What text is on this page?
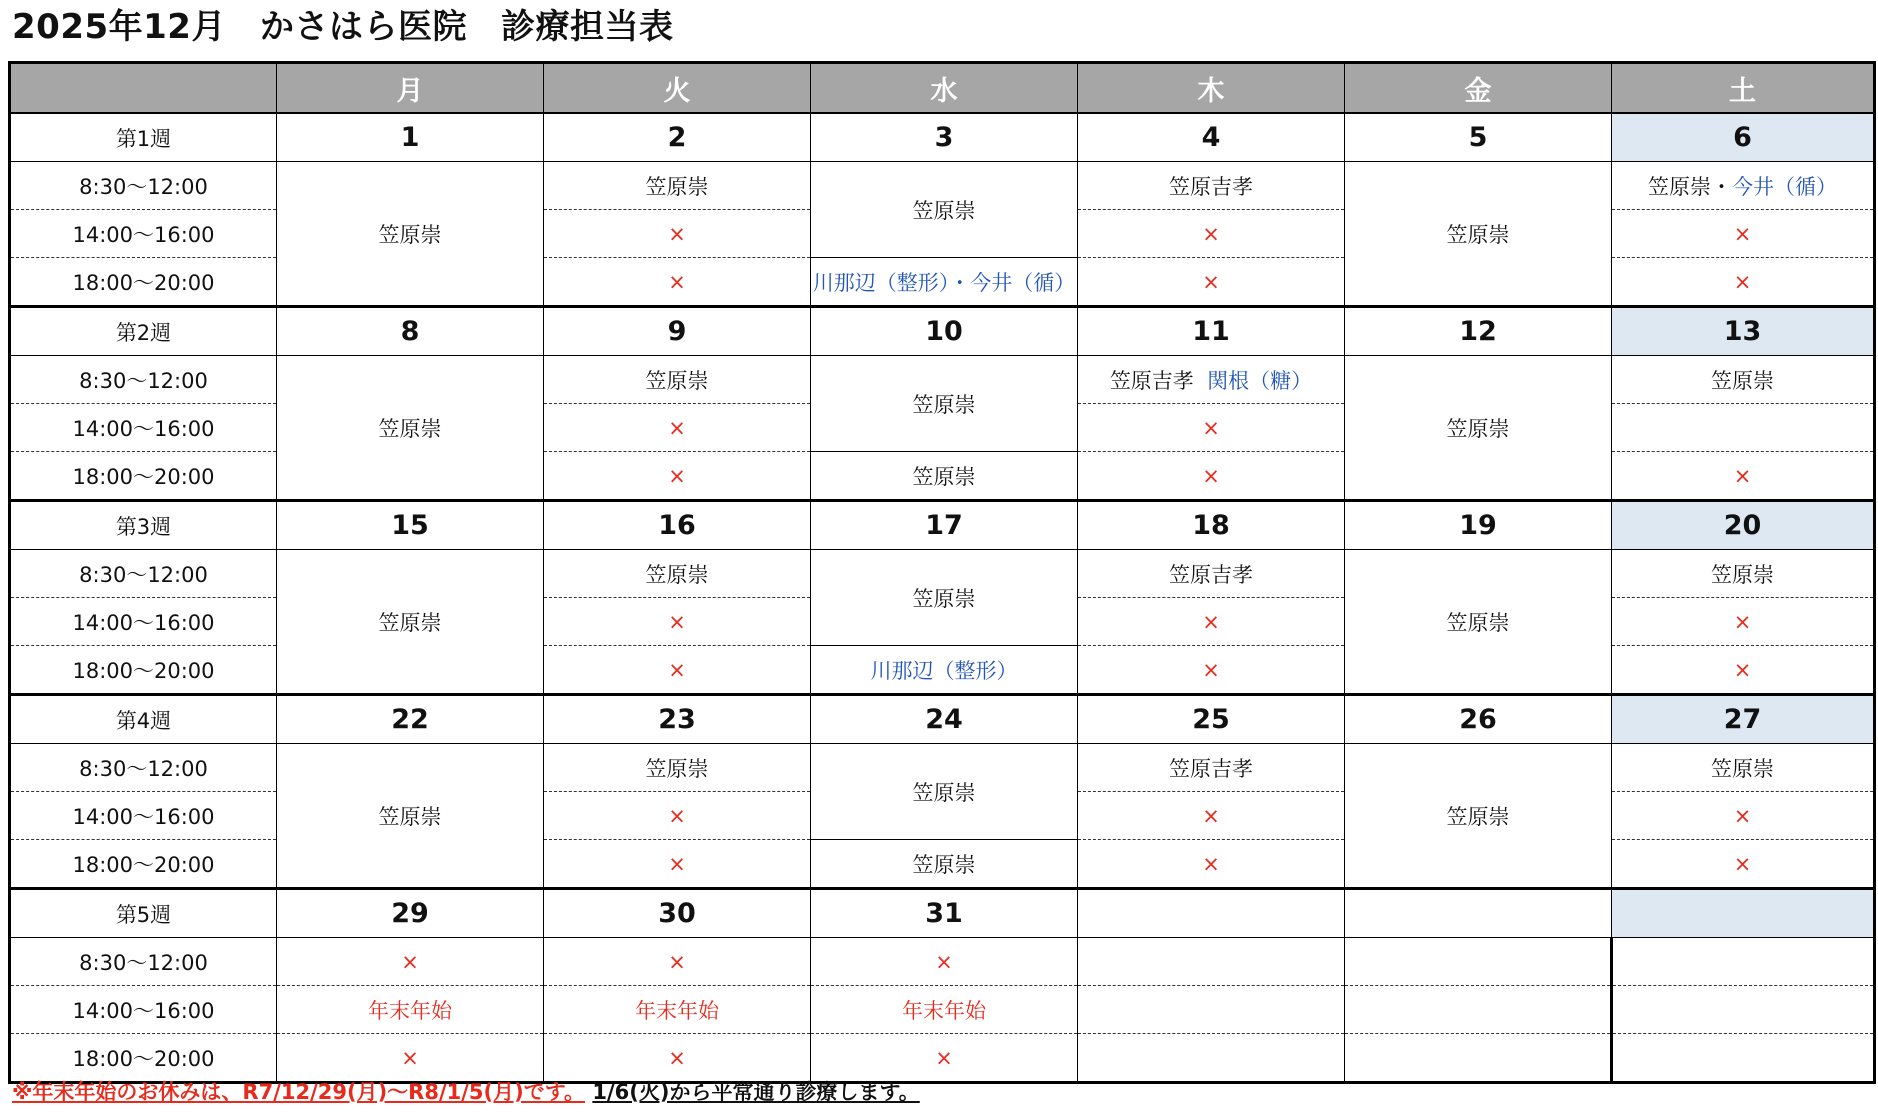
2025年12月 かさはら医院 診療担当表
	月	火	水	木	金	土
第1週	1	2	3	4	5	6
8:30～12:00	笠原崇	笠原崇	笠原崇	笠原吉孝	笠原崇	笠原崇・今井（循）
14:00～16:00		×		×		×
18:00～20:00		×	川那辺（整形）・今井（循）	×		×
第2週	8	9	10	11	12	13
8:30～12:00	笠原崇	笠原崇	笠原崇	笠原吉孝 関根（糖）	笠原崇	笠原崇
14:00～16:00		×		×		
18:00～20:00		×	笠原崇	×		×
第3週	15	16	17	18	19	20
8:30～12:00	笠原崇	笠原崇	笠原崇	笠原吉孝	笠原崇	笠原崇
14:00～16:00		×		×		×
18:00～20:00		×	川那辺（整形）	×		×
第4週	22	23	24	25	26	27
8:30～12:00	笠原崇	笠原崇	笠原崇	笠原吉孝	笠原崇	笠原崇
14:00～16:00		×		×		×
18:00～20:00		×	笠原崇	×		×
第5週	29	30	31			
8:30～12:00	×	×	×			
14:00～16:00	年末年始	年末年始	年末年始			
18:00～20:00	×	×	×			
※年末年始のお休みは、R7/12/29(月)～R8/1/5(月)です。 1/6(火)から平常通り診療します。
